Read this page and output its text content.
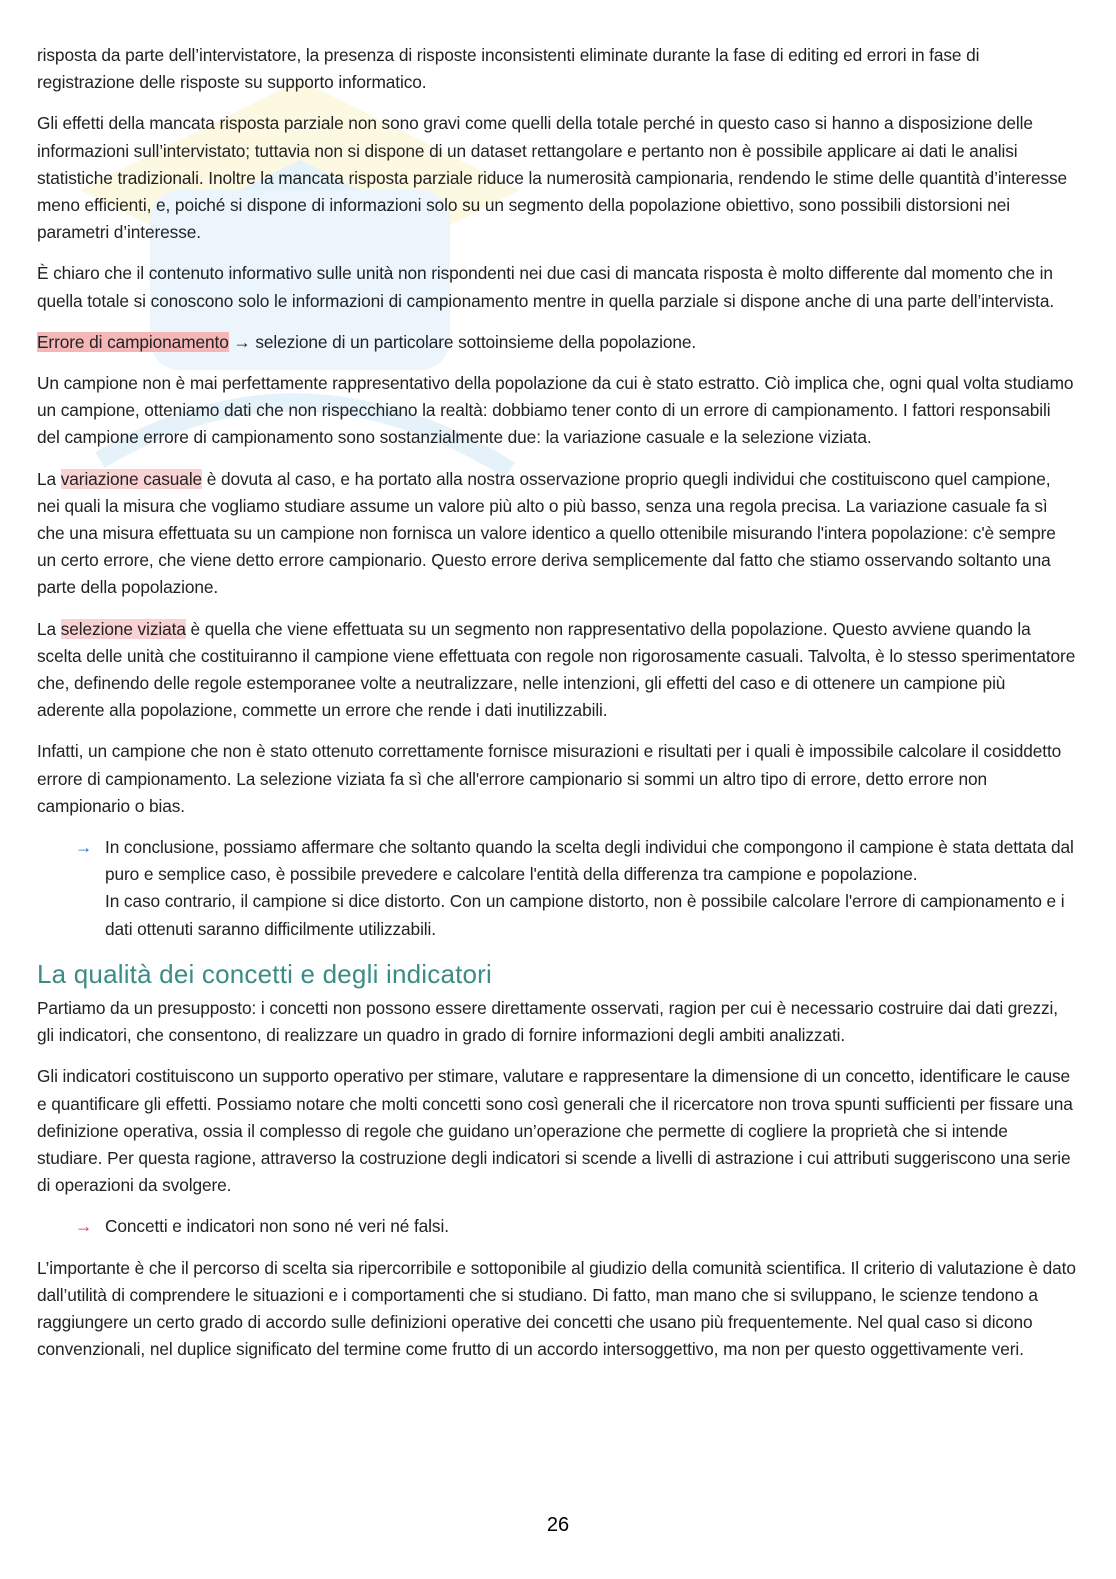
risposta da parte dell’intervistatore, la presenza di risposte inconsistenti eliminate durante la fase di editing ed errori in fase di registrazione delle risposte su supporto informatico.

Gli effetti della mancata risposta parziale non sono gravi come quelli della totale perché in questo caso si hanno a disposizione delle informazioni sull’intervistato; tuttavia non si dispone di un dataset rettangolare e pertanto non è possibile applicare ai dati le analisi statistiche tradizionali. Inoltre la mancata risposta parziale riduce la numerosità campionaria, rendendo le stime delle quantità d’interesse meno efficienti, e, poiché si dispone di informazioni solo su un segmento della popolazione obiettivo, sono possibili distorsioni nei parametri d’interesse.

È chiaro che il contenuto informativo sulle unità non rispondenti nei due casi di mancata risposta è molto differente dal momento che in quella totale si conoscono solo le informazioni di campionamento mentre in quella parziale si dispone anche di una parte dell’intervista.

Errore di campionamento → selezione di un particolare sottoinsieme della popolazione.

Un campione non è mai perfettamente rappresentativo della popolazione da cui è stato estratto. Ciò implica che, ogni qual volta studiamo un campione, otteniamo dati che non rispecchiano la realtà: dobbiamo tener conto di un errore di campionamento. I fattori responsabili del campione errore di campionamento sono sostanzialmente due: la variazione casuale e la selezione viziata.

La variazione casuale è dovuta al caso, e ha portato alla nostra osservazione proprio quegli individui che costituiscono quel campione, nei quali la misura che vogliamo studiare assume un valore più alto o più basso, senza una regola precisa. La variazione casuale fa sì che una misura effettuata su un campione non fornisca un valore identico a quello ottenibile misurando l'intera popolazione: c'è sempre un certo errore, che viene detto errore campionario. Questo errore deriva semplicemente dal fatto che stiamo osservando soltanto una parte della popolazione.

La selezione viziata è quella che viene effettuata su un segmento non rappresentativo della popolazione. Questo avviene quando la scelta delle unità che costituiranno il campione viene effettuata con regole non rigorosamente casuali. Talvolta, è lo stesso sperimentatore che, definendo delle regole estemporanee volte a neutralizzare, nelle intenzioni, gli effetti del caso e di ottenere un campione più aderente alla popolazione, commette un errore che rende i dati inutilizzabili.

Infatti, un campione che non è stato ottenuto correttamente fornisce misurazioni e risultati per i quali è impossibile calcolare il cosiddetto errore di campionamento. La selezione viziata fa sì che all'errore campionario si sommi un altro tipo di errore, detto errore non campionario o bias.

→ In conclusione, possiamo affermare che soltanto quando la scelta degli individui che compongono il campione è stata dettata dal puro e semplice caso, è possibile prevedere e calcolare l'entità della differenza tra campione e popolazione.
In caso contrario, il campione si dice distorto. Con un campione distorto, non è possibile calcolare l'errore di campionamento e i dati ottenuti saranno difficilmente utilizzabili.
La qualità dei concetti e degli indicatori

Partiamo da un presupposto: i concetti non possono essere direttamente osservati, ragion per cui è necessario costruire dai dati grezzi, gli indicatori, che consentono, di realizzare un quadro in grado di fornire informazioni degli ambiti analizzati.

Gli indicatori costituiscono un supporto operativo per stimare, valutare e rappresentare la dimensione di un concetto, identificare le cause e quantificare gli effetti. Possiamo notare che molti concetti sono così generali che il ricercatore non trova spunti sufficienti per fissare una definizione operativa, ossia il complesso di regole che guidano un’operazione che permette di cogliere la proprietà che si intende studiare. Per questa ragione, attraverso la costruzione degli indicatori si scende a livelli di astrazione i cui attributi suggeriscono una serie di operazioni da svolgere.

→ Concetti e indicatori non sono né veri né falsi.

L’importante è che il percorso di scelta sia ripercorribile e sottoponibile al giudizio della comunità scientifica. Il criterio di valutazione è dato dall’utilità di comprendere le situazioni e i comportamenti che si studiano. Di fatto, man mano che si sviluppano, le scienze tendono a raggiungere un certo grado di accordo sulle definizioni operative dei concetti che usano più frequentemente. Nel qual caso si dicono convenzionali, nel duplice significato del termine come frutto di un accordo intersoggettivo, ma non per questo oggettivamente veri.

26
